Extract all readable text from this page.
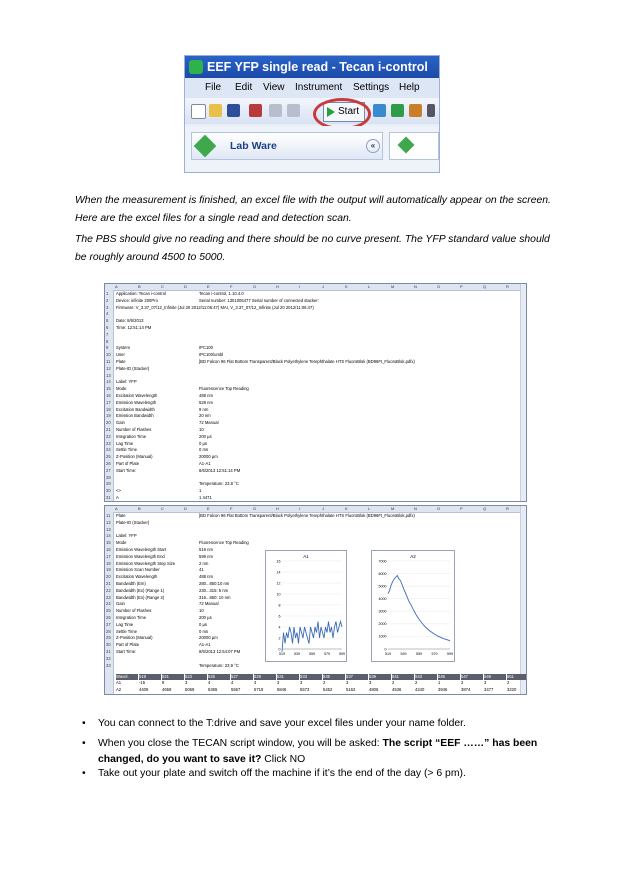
EEF YFP single read - Tecan i-control
File Edit View Instrument Settings Help
Start
Lab Ware	«
When the measurement is finished, an excel file with the output will automatically appear on the screen. Here are the excel files for a single read and detection scan.
The PBS should give no reading and there should be no curve present. The YFP standard value should be roughly around 4500 to 5000.
A	B	C	D	E	F	G	H	I	J	K	L	M	N	O	P	Q	R
1 Application: Tecan i-control	Tecan i-control, 1.10.4.0
2 Device: infinite 200Pro	Serial number: 1301006477 Serial number of connected stacker:
3 Firmware: V_3.37_07/12_Infinite (Jul 20 2012/11:06:47) MAI, V_3.37_07/12_Infinite (Jul 20 2012/11:06:47)
4
5 Date: 8/6/2013
6 Time: 12:51:14 PM
7
8
9 System	IPC100
10 User	IPC100\umbl
11 Plate	[BD Falcon 96 Flat Bottom Transparent/Black Polyethylene Terephthalate HTS FluoroBlok (BD96Ft_FluoroBlok.pdfx)
12 Plate-ID (Stacker)
13
14 Label: YFP
15 Mode	Fluorescence Top Reading
16 Excitation Wavelength	488 nm
17 Emission Wavelength	528 nm
18 Excitation Bandwidth	9 nm
19 Emission Bandwidth	20 nm
20 Gain	72 Manual
21 Number of Flashes	10
22 Integration Time	200 µs
23 Lag Time	0 µs
24 Settle Time	0 ms
25 Z-Position (Manual)	20000 µm
26 Part of Plate	A1-A1
27 Start Time:	8/6/2013 12:51:14 PM
28
29	Temperature: 23.8 °C
30 <>	1
31 A	1 4471
A	B	C	D	E	F	G	H	I	J	K	L	M	N	O	P	Q	R
A1
0
2
4
6
8
10
12
14
16
519	539	559	579	599
A2
0
1000
2000
3000
4000
5000
6000
7000
519	539	559	579	599
11 Plate	[BD Falcon 96 Flat Bottom Transparent/Black Polyethylene Terephthalate HTS FluoroBlok (BD96Ft_FluoroBlok.pdfx)
12 Plate-ID (Stacker)
13
14 Label: YFP
15 Mode	Fluorescence Top Reading
16 Emission Wavelength Start	519 nm
17 Emission Wavelength End	599 nm
18 Emission Wavelength Step Size	2 nm
19 Emission Scan Number	41
20 Excitation Wavelength	488 nm
21 Bandwidth (Em)	280...850:10 nm
22 Bandwidth (Ex) (Range 1)	230...315: 5 nm
23 Bandwidth (Ex) (Range 2)	316...850: 10 nm
24 Gain	72 Manual
25 Number of Flashes	10
26 Integration Time	200 µs
27 Lag Time	0 µs
28 Settle Time	0 ms
29 Z-Position (Manual)	20000 µm
30 Part of Plate	A1-A1
31 Start Time:	8/6/2013 12:54:07 PM
32
33	Temperature: 23.9 °C
Wavel.	519	521	523	525	527	529	531	533	535	537	539	541	543	545	547	549	551
A1	-15	8	3	4	4	4	3	3	2	3	3	2	2	1	2	3	2
A2	4409	4659	5069	5365	5567	5718	5846	5573	5452	5162	4806	4536	4240	3946	3874	3477	3220
• You can connect to the T:drive and save your excel files under your name folder.
• When you close the TECAN script window, you will be asked: The script “EEF ……” has been changed, do you want to save it? Click NO
• Take out your plate and switch off the machine if it’s the end of the day (> 6 pm).
